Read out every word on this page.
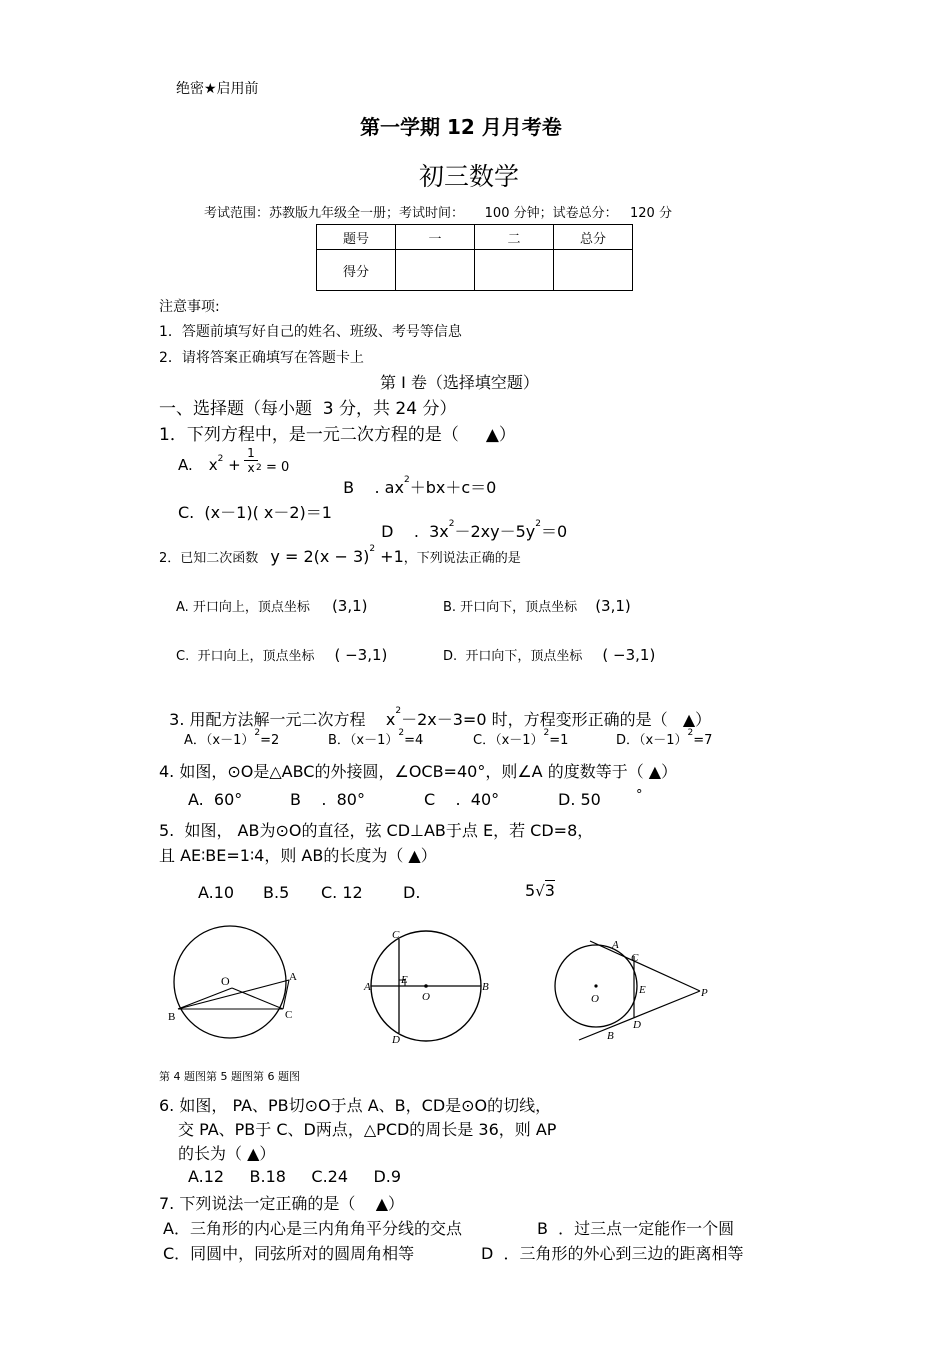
绝密★启用前
第一学期 12 月月考卷
初三数学
考试范围：苏教版九年级全一册；考试时间：     100 分钟；试卷总分：   120 分
题号	一	二	总分
得分			
注意事项:
1．答题前填写好自己的姓名、班级、考号等信息
2．请将答案正确填写在答题卡上
第 Ⅰ 卷（选择填空题）
一、选择题（每小题  3 分，共 24 分）
1．下列方程中，是一元二次方程的是（     ▲）
A. $x^2$ +
1
x 2 = 0

B    . $ax^2+bx+c=0$

C.  (x－1)( x－2)＝1

D    . $3x^2-2xy-5y^2=0$

2．已知二次函数 $y = 2(x - 3)^2 +1$，下列说法正确的是
A. 开口向上，顶点坐标 (3,1)	B. 开口向下，顶点坐标 (3,1)
C.  开口向上，顶点坐标 ( −3,1)	D.  开口向下，顶点坐标 ( −3,1)

3. 用配方法解一元二次方程 $x^2-2x-3=0$ 时，方程变形正确的是（   ▲）

A．$(x-1)^2=2$	B．$(x-1)^2=4$	C．$(x-1)^2=1$	D．$(x-1)^2=7$
4. 如图，⊙O是△ABC的外接圆，∠OCB=40°，则∠A 的度数等于（ ▲）
A.  60°	B    .  80°	C    .  40°	D. 50	°
5.  如图， AB为⊙O的直径，弦 CD⊥AB于点 E，若 CD=8，
且 AE∶BE=1∶4，则 AB的长度为（ ▲）
A.10 B.5 C. 12	D.	5√3
O	A
B	C
C
E
A
O
B
D
A
C
O
E	P
B
D
第 4 题图第 5 题图第 6 题图
6. 如图， PA、PB切⊙O于点 A、B，CD是⊙O的切线，
交 PA、PB于 C、D两点，△PCD的周长是 36，则 AP
的长为（ ▲）
A.12     B.18     C.24     D.9
7. 下列说法一定正确的是（    ▲）
A．三角形的内心是三内角角平分线的交点	B  ．过三点一定能作一个圆
C．同圆中，同弦所对的圆周角相等	D  ．三角形的外心到三边的距离相等
